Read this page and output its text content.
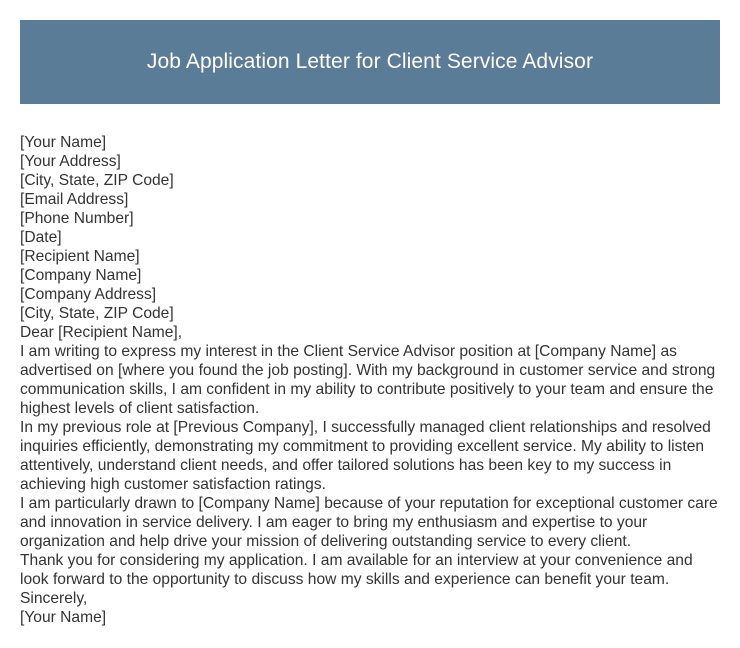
Job Application Letter for Client Service Advisor
[Your Name]
[Your Address]
[City, State, ZIP Code]
[Email Address]
[Phone Number]
[Date]
[Recipient Name]
[Company Name]
[Company Address]
[City, State, ZIP Code]
Dear [Recipient Name],
I am writing to express my interest in the Client Service Advisor position at [Company Name] as advertised on [where you found the job posting]. With my background in customer service and strong communication skills, I am confident in my ability to contribute positively to your team and ensure the highest levels of client satisfaction.
In my previous role at [Previous Company], I successfully managed client relationships and resolved inquiries efficiently, demonstrating my commitment to providing excellent service. My ability to listen attentively, understand client needs, and offer tailored solutions has been key to my success in achieving high customer satisfaction ratings.
I am particularly drawn to [Company Name] because of your reputation for exceptional customer care and innovation in service delivery. I am eager to bring my enthusiasm and expertise to your organization and help drive your mission of delivering outstanding service to every client.
Thank you for considering my application. I am available for an interview at your convenience and look forward to the opportunity to discuss how my skills and experience can benefit your team.
Sincerely,
[Your Name]
